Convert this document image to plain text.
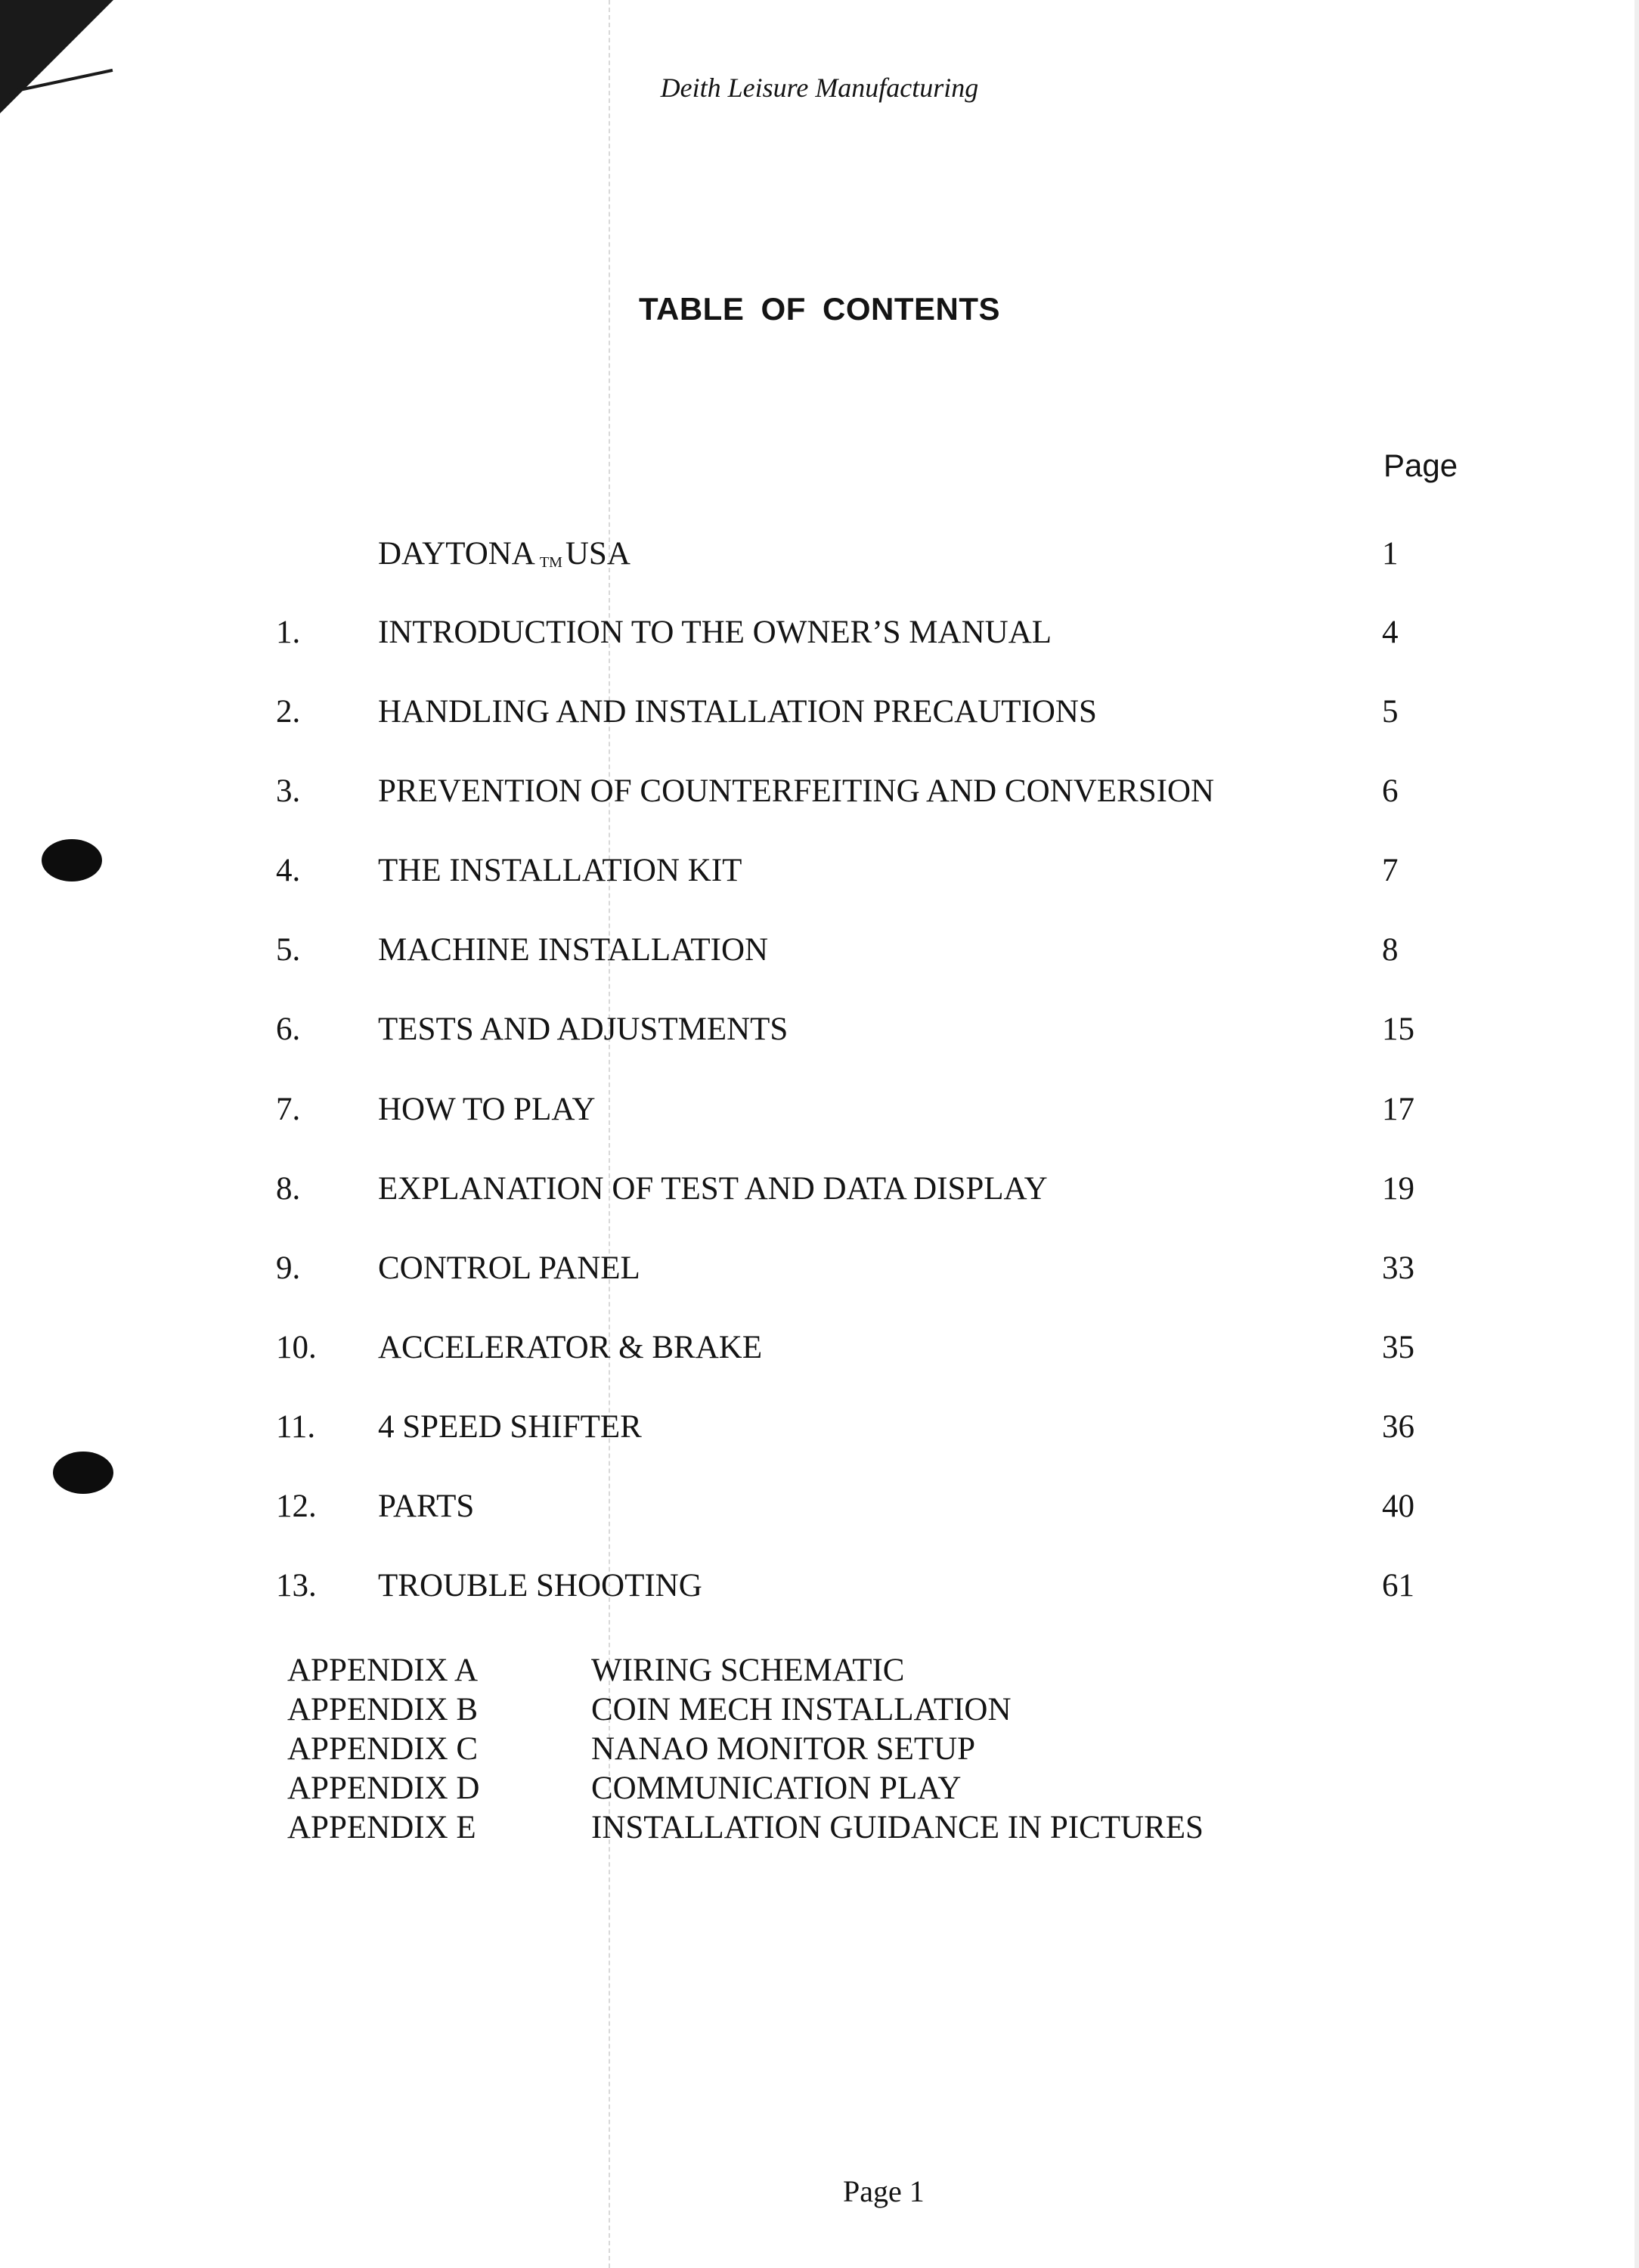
Deith Leisure Manufacturing
TABLE OF CONTENTS
Page
DAYTONA TMUSA	1
1. INTRODUCTION TO THE OWNER’S MANUAL	4
2. HANDLING AND INSTALLATION PRECAUTIONS	5
3. PREVENTION OF COUNTERFEITING AND CONVERSION	6
4. THE INSTALLATION KIT	7
5. MACHINE INSTALLATION	8
6. TESTS AND ADJUSTMENTS	15
7. HOW TO PLAY	17
8. EXPLANATION OF TEST AND DATA DISPLAY	19
9. CONTROL PANEL	33
10. ACCELERATOR & BRAKE	35
11. 4 SPEED SHIFTER	36
12. PARTS	40
13. TROUBLE SHOOTING	61
APPENDIX A	WIRING SCHEMATIC
APPENDIX B	COIN MECH INSTALLATION
APPENDIX C	NANAO MONITOR SETUP
APPENDIX D	COMMUNICATION PLAY
APPENDIX E	INSTALLATION GUIDANCE IN PICTURES
Page 1
